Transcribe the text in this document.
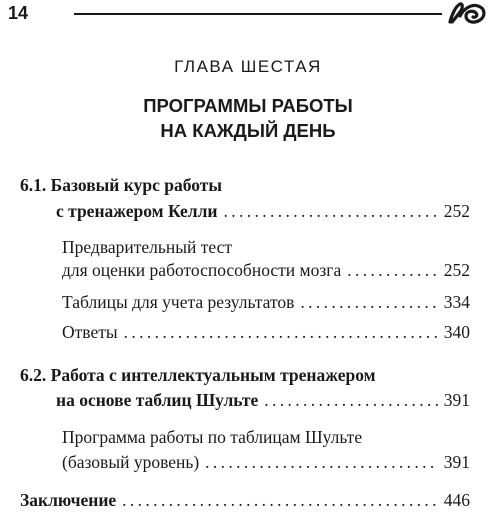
14
ГЛАВА ШЕСТАЯ
ПРОГРАММЫ РАБОТЫ
НА КАЖДЫЙ ДЕНЬ
6.1. Базовый курс работы
с тренажером Келли . . .	252
Предварительный тест
для оценки работоспособности мозга . . .	252
Таблицы для учета результатов . . .	334
Ответы . . .	340
6.2. Работа с интеллектуальным тренажером
на основе таблиц Шульте . . .	391
Программа работы по таблицам Шульте
(базовый уровень) . . .	391
Заключение . . .	446
